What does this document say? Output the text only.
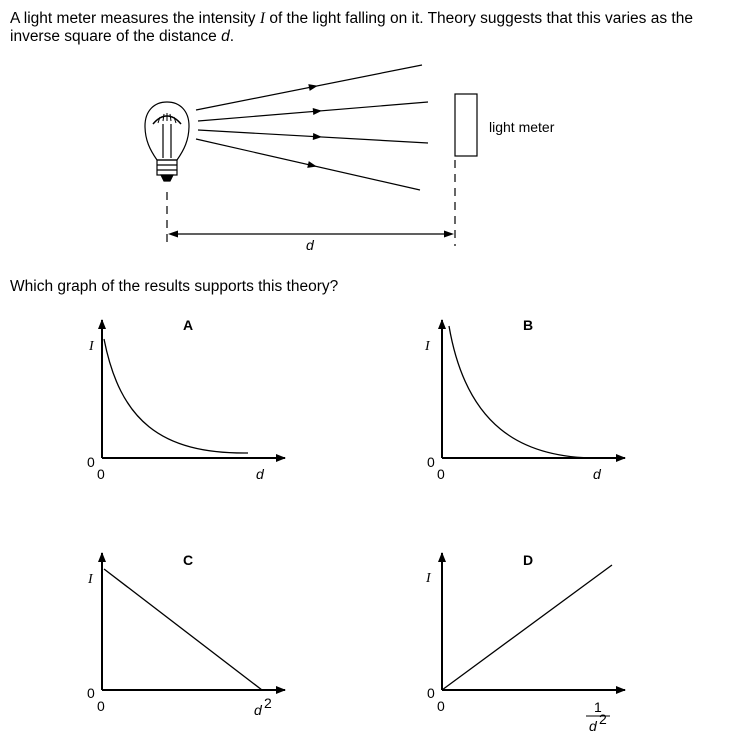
A light meter measures the intensity I of the light falling on it. Theory suggests that this varies as the inverse square of the distance d.
Which graph of the results supports this theory?
light meter
d
A
I
0
0	d
B
I
0
0	d
C
I
0
0	d 2
D
I
0
0	1
d 2
